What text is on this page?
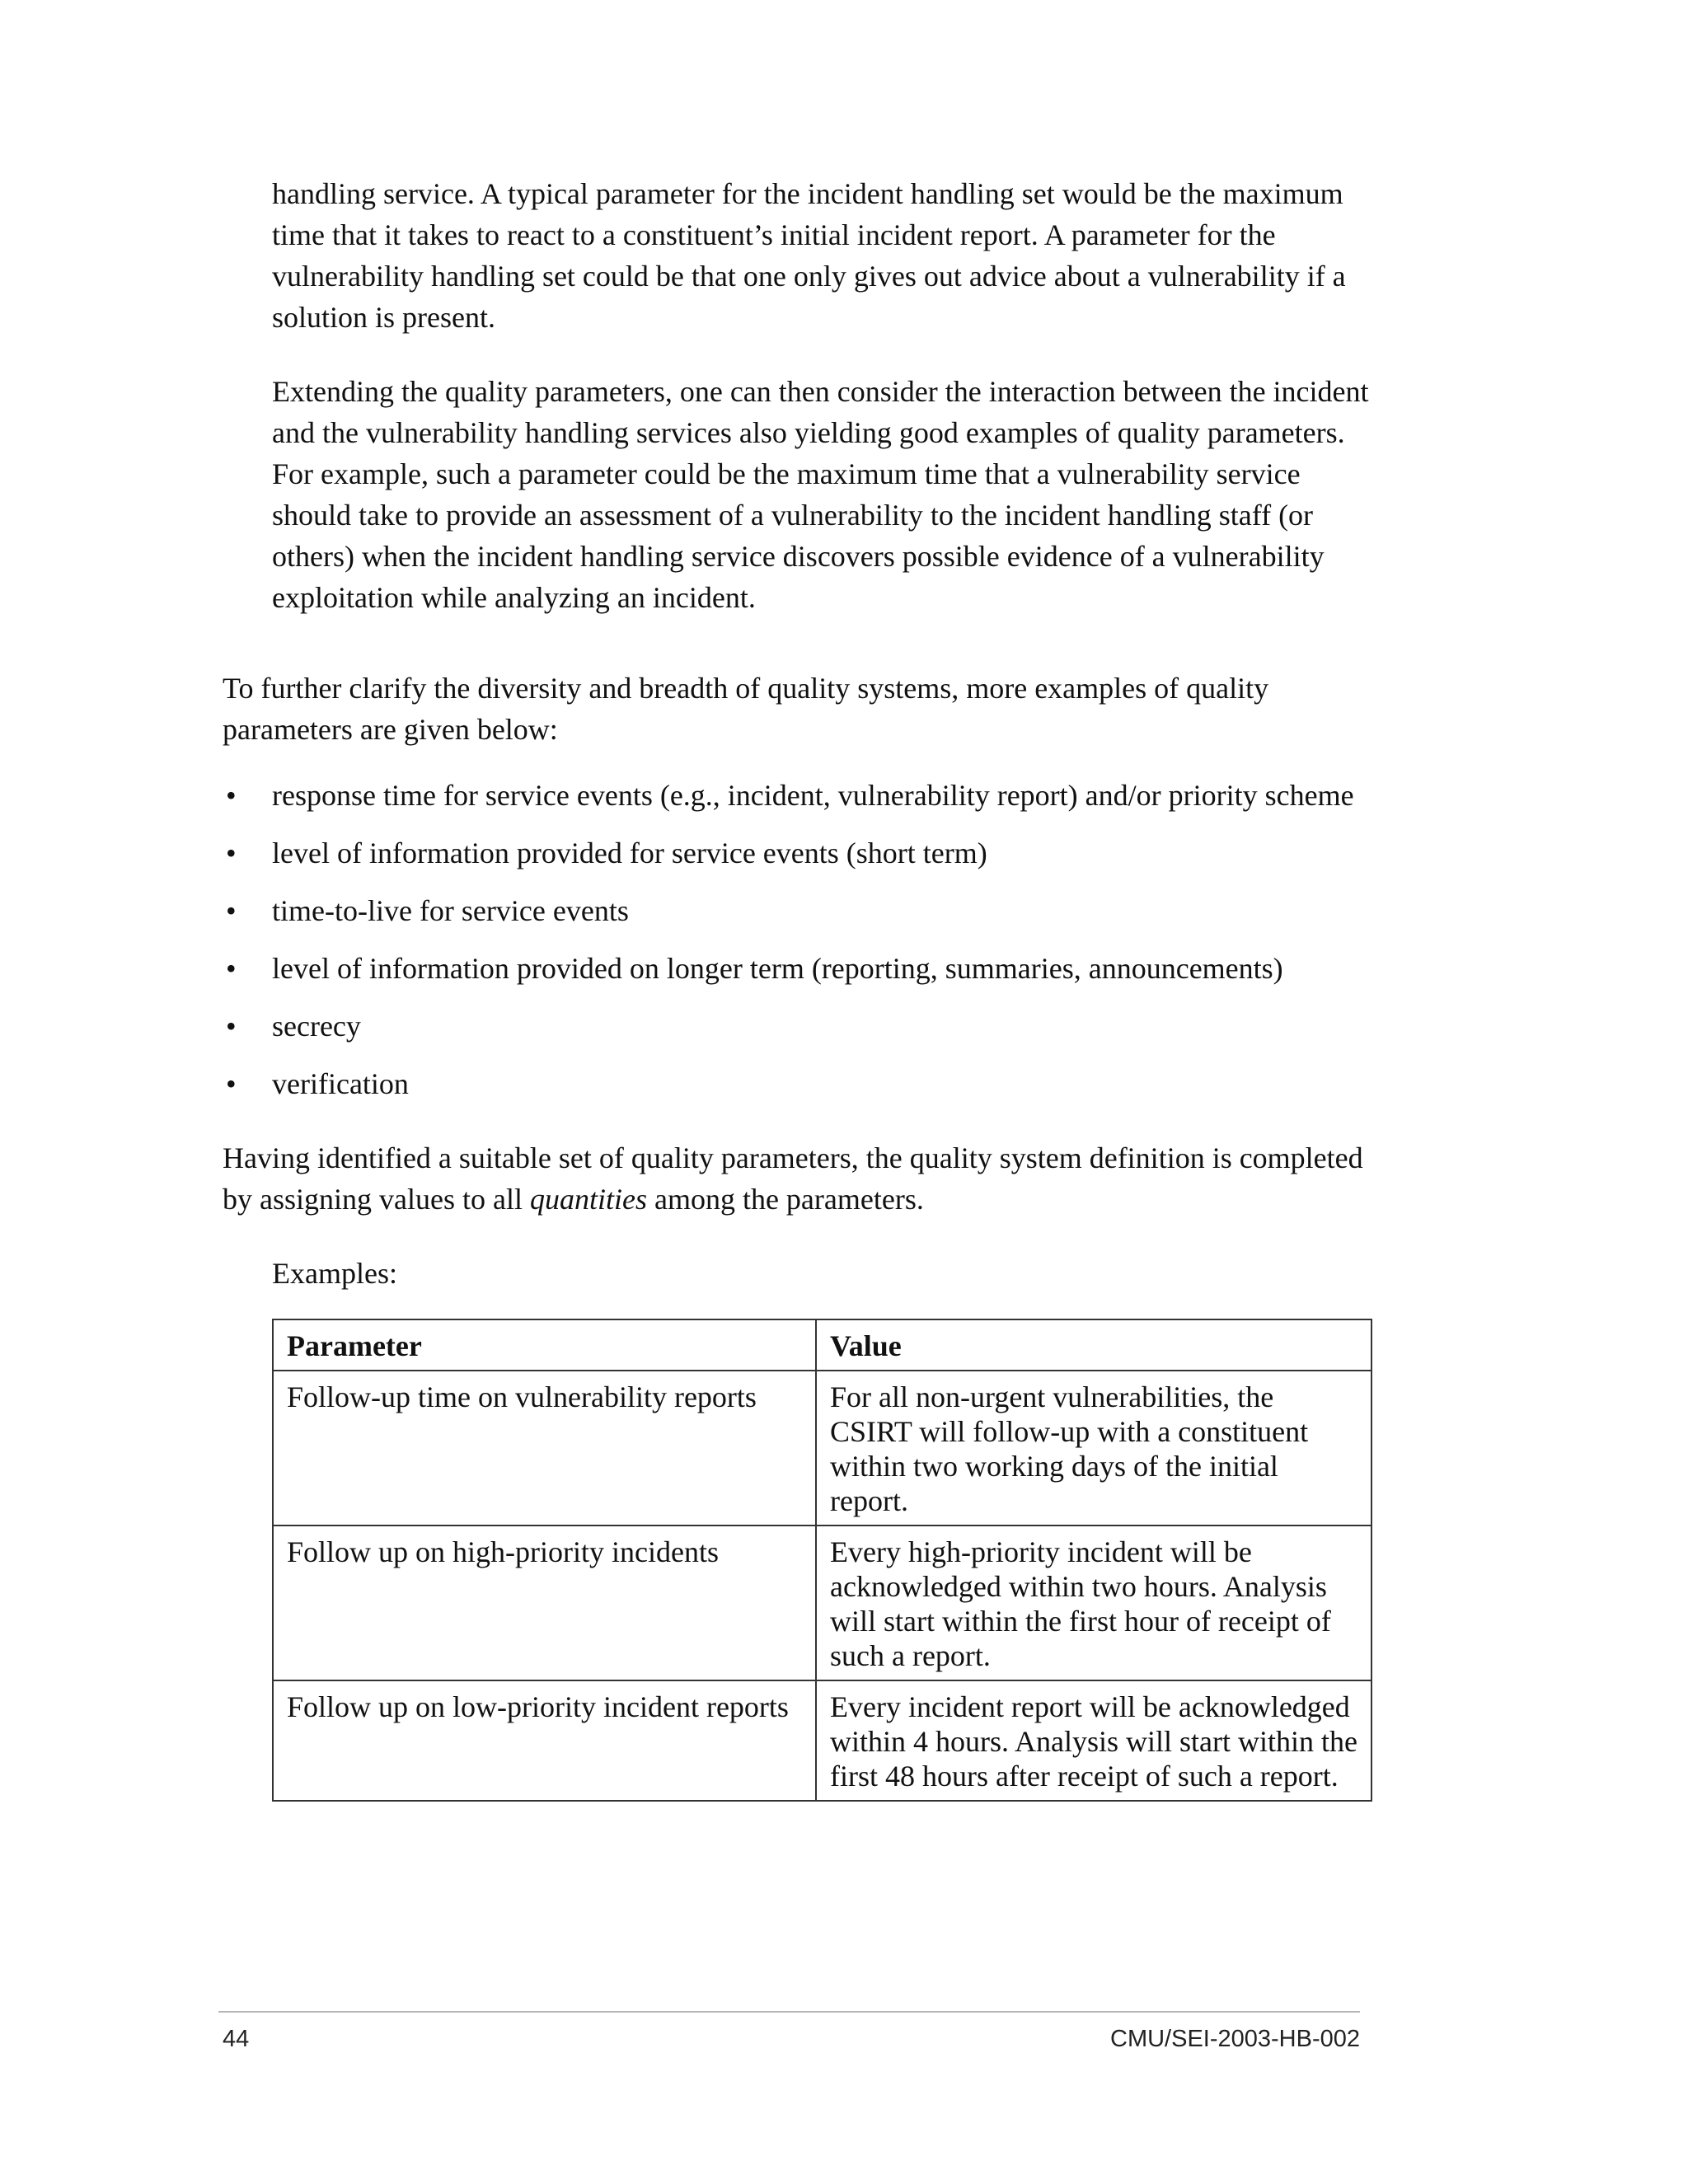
handling service. A typical parameter for the incident handling set would be the maximum time that it takes to react to a constituent’s initial incident report. A parameter for the vulnerability handling set could be that one only gives out advice about a vulnerability if a solution is present.

Extending the quality parameters, one can then consider the interaction between the incident and the vulnerability handling services also yielding good examples of quality parameters. For example, such a parameter could be the maximum time that a vulnerability service should take to provide an assessment of a vulnerability to the incident handling staff (or others) when the incident handling service discovers possible evidence of a vulnerability exploitation while analyzing an incident.

To further clarify the diversity and breadth of quality systems, more examples of quality parameters are given below:

• response time for service events (e.g., incident, vulnerability report) and/or priority scheme
• level of information provided for service events (short term)
• time-to-live for service events
• level of information provided on longer term (reporting, summaries, announcements)
• secrecy
• verification

Having identified a suitable set of quality parameters, the quality system definition is completed by assigning values to all quantities among the parameters.

Examples:

Parameter	Value
Follow-up time on vulnerability reports	For all non-urgent vulnerabilities, the CSIRT will follow-up with a constituent within two working days of the initial report.
Follow up on high-priority incidents	Every high-priority incident will be acknowledged within two hours. Analysis will start within the first hour of receipt of such a report.
Follow up on low-priority incident reports	Every incident report will be acknowledged within 4 hours. Analysis will start within the first 48 hours after receipt of such a report.
44	CMU/SEI-2003-HB-002
